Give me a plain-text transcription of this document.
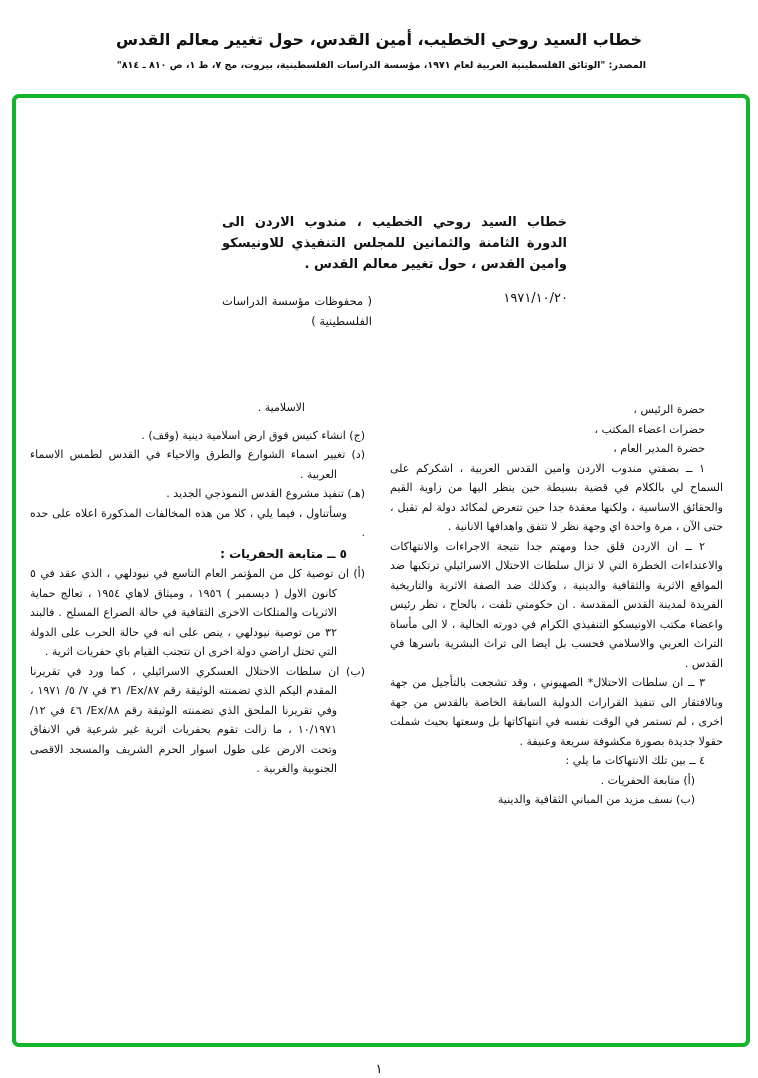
خطاب السيد روحي الخطيب، أمين القدس، حول تغيير معالم القدس
المصدر: "الوثائق الفلسطينية العربية لعام ١٩٧١، مؤسسة الدراسات الفلسطينية، بيروت، مج ٧، ط ١، ص ٨١٠ ـ ٨١٤"
خطاب السيد روحي الخطيب ، مندوب الاردن الى الدورة الثامنة والثمانين للمجلس التنفيذي للاونيسكو وامين القدس ، حول تغيير معالم القدس .
١٩٧١/١٠/٢٠
( محفوظات مؤسسة الدراسات الفلسطينية )

حضرة الرئيس ،

حضرات اعضاء المكتب ،

حضرة المدير العام ،

١ ــ بصفتي مندوب الاردن وامين القدس العربية ، اشكركم على السماح لي بالكلام في قضية بسيطة حين ينظر اليها من زاوية القيم والحقائق الاساسية ، ولكنها معقدة جدا حين تتعرض لمكائد دولة لم تقبل ، حتى الآن ، مرة واحدة اي وجهة نظر لا تتفق واهدافها الانانية .

٢ ــ ان الاردن قلق جدا ومهتم جدا نتيجة الاجراءات والانتهاكات والاعتداءات الخطرة التي لا تزال سلطات الاحتلال الاسرائيلي ترتكبها ضد المواقع الاثرية والثقافية والدينية ، وكذلك ضد الصفة الاثرية والتاريخية الفريدة لمدينة القدس المقدسة . ان حكومتي تلفت ، بالحاح ، نظر رئيس واعضاء مكتب الاونيسكو التنفيذي الكرام في دورته الحالية ، لا الى مأساة التراث العربي والاسلامي فحسب بل ايضا الى تراث البشرية باسرها في القدس .

٣ ــ ان سلطات الاحتلال* الصهيوني ، وقد تشجعت بالتأجيل من جهة وبالافتقار الى تنفيذ القرارات الدولية السابقة الخاصة بالقدس من جهة اخرى ، لم تستمر في الوقت نفسه في انتهاكاتها بل وسعتها بحيث شملت حقولا جديدة بصورة مكشوفة سريعة وعنيفة .

٤ ــ بين تلك الانتهاكات ما يلي :

(أ) متابعة الحفريات .

(ب) نسف مزيد من المباني الثقافية والدينية

الاسلامية .

(ج) انشاء كنيس فوق ارض اسلامية دينية (وقف) .

(د) تغيير اسماء الشوارع والطرق والاحياء في القدس لطمس الاسماء العربية .

(هـ) تنفيذ مشروع القدس النموذجي الجديد .

وسأتناول ، فيما يلي ، كلا من هذه المخالفات المذكورة اعلاه على حده .

٥ ــ متابعة الحفريات :

(أ) ان توصية كل من المؤتمر العام التاسع في نيودلهي ، الذي عقد في ٥ كانون الاول ( ديسمبر ) ١٩٥٦ ، وميثاق لاهاي ١٩٥٤ ، تعالج حماية الاثريات والمتلكات الاخرى الثقافية في حالة الصراع المسلح . فالبند ٣٢ من توصية نيودلهي ، ينص على انه في حالة الحرب على الدولة التي تحتل اراضي دولة اخرى ان تتجنب القيام باي حفريات اثرية .

(ب) ان سلطات الاحتلال العسكري الاسرائيلي ، كما ورد في تقريرنا المقدم اليكم الذي تضمنته الوثيقة رقم ٨٧/Ex/ ٣١ في ٧/ ٥/ ١٩٧١ ، وفي تقريرنا الملحق الذي تضمنته الوثيقة رقم ٨٨/Ex/ ٤٦ في ١٢/ ١٠/١٩٧١ ، ما زالت تقوم بحفريات اثرية غير شرعية في الانفاق وتحت الارض على طول اسوار الحرم الشريف والمسجد الاقصى الجنوبية والغربية .

١
